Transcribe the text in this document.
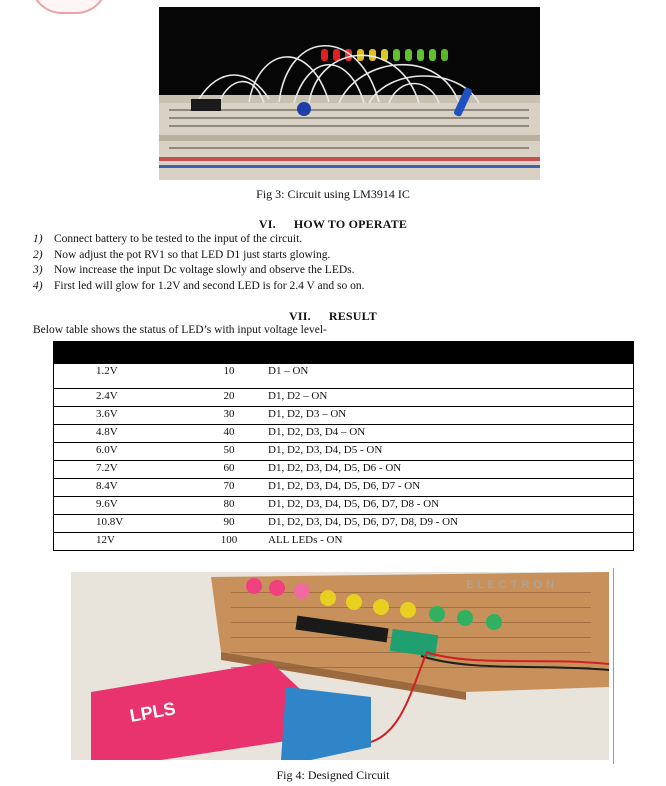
Fig 3: Circuit using LM3914 IC
VI. HOW TO OPERATE
1) Connect battery to be tested to the input of the circuit.
2) Now adjust the pot RV1 so that LED D1 just starts glowing.
3) Now increase the input Dc voltage slowly and observe the LEDs.
4) First led will glow for 1.2V and second LED is for 2.4 V and so on.
VII. RESULT
Below table shows the status of LED’s with input voltage level-
1.2V	10	D1 – ON
2.4V	20	D1, D2 – ON
3.6V	30	D1, D2, D3 – ON
4.8V	40	D1, D2, D3, D4 – ON
6.0V	50	D1, D2, D3, D4, D5 - ON
7.2V	60	D1, D2, D3, D4, D5, D6 - ON
8.4V	70	D1, D2, D3, D4, D5, D6, D7 - ON
9.6V	80	D1, D2, D3, D4, D5, D6, D7, D8 - ON
10.8V	90	D1, D2, D3, D4, D5, D6, D7, D8, D9 - ON
12V	100	ALL LEDs - ON
LPLS
ELECTRON
Fig 4: Designed Circuit
